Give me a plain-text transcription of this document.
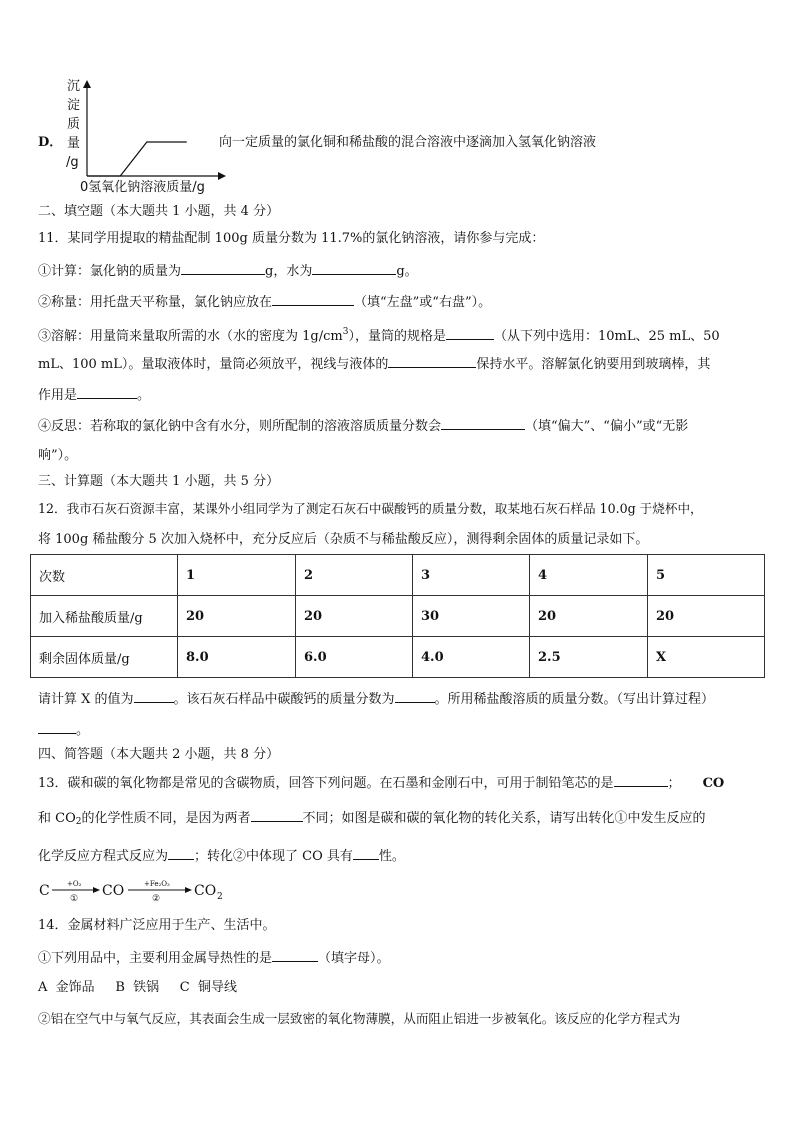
D．
沉
淀
质
量
/g
0氢氧化钠溶液质量/g
向一定质量的氯化铜和稀盐酸的混合溶液中逐滴加入氢氧化钠溶液
二、填空题（本大题共 1 小题，共 4 分）
11．某同学用提取的精盐配制 100g 质量分数为 11.7%的氯化钠溶液，请你参与完成：
①计算：氯化钠的质量为	g，水为	g。
②称量：用托盘天平称量，氯化钠应放在	（填“左盘”或“右盘”）。
③溶解：用量筒来量取所需的水（水的密度为 $1g/cm^3$），量筒的规格是	（从下列中选用：10mL、25 mL、50
mL、100 mL）。量取液体时，量筒必须放平，视线与液体的	保持水平。溶解氯化钠要用到玻璃棒，其
作用是	。
④反思：若称取的氯化钠中含有水分，则所配制的溶液溶质质量分数会	（填“偏大”、“偏小”或“无影
响”）。
三、计算题（本大题共 1 小题，共 5 分）
12．我市石灰石资源丰富，某课外小组同学为了测定石灰石中碳酸钙的质量分数，取某地石灰石样品 10.0g 于烧杯中，
将 100g 稀盐酸分 5 次加入烧杯中，充分反应后（杂质不与稀盐酸反应），测得剩余固体的质量记录如下。
次数	1	2	3	4	5
加入稀盐酸质量/g	20	20	30	20	20
剩余固体质量/g	8.0	6.0	4.0	2.5	X
请计算 X 的值为	。该石灰石样品中碳酸钙的质量分数为	。所用稀盐酸溶质的质量分数。（写出计算过程）
。
四、简答题（本大题共 2 小题，共 8 分）
13．碳和碳的氧化物都是常见的含碳物质，回答下列问题。在石墨和金刚石中，可用于制铅笔芯的是	； CO
和 $CO_2$的化学性质不同，是因为两者	不同；如图是碳和碳的氧化物的转化关系，请写出转化①中发生反应的
化学反应方程式反应为 ；转化②中体现了 CO 具有 性。
C +O₂
① CO	+Fe₂O₃
② CO 2
14．金属材料广泛应用于生产、生活中。
①下列用品中，主要利用金属导热性的是	（填字母）。
A  金饰品     B  铁锅     C  铜导线
②铝在空气中与氧气反应，其表面会生成一层致密的氧化物薄膜，从而阻止铝进一步被氧化。该反应的化学方程式为
